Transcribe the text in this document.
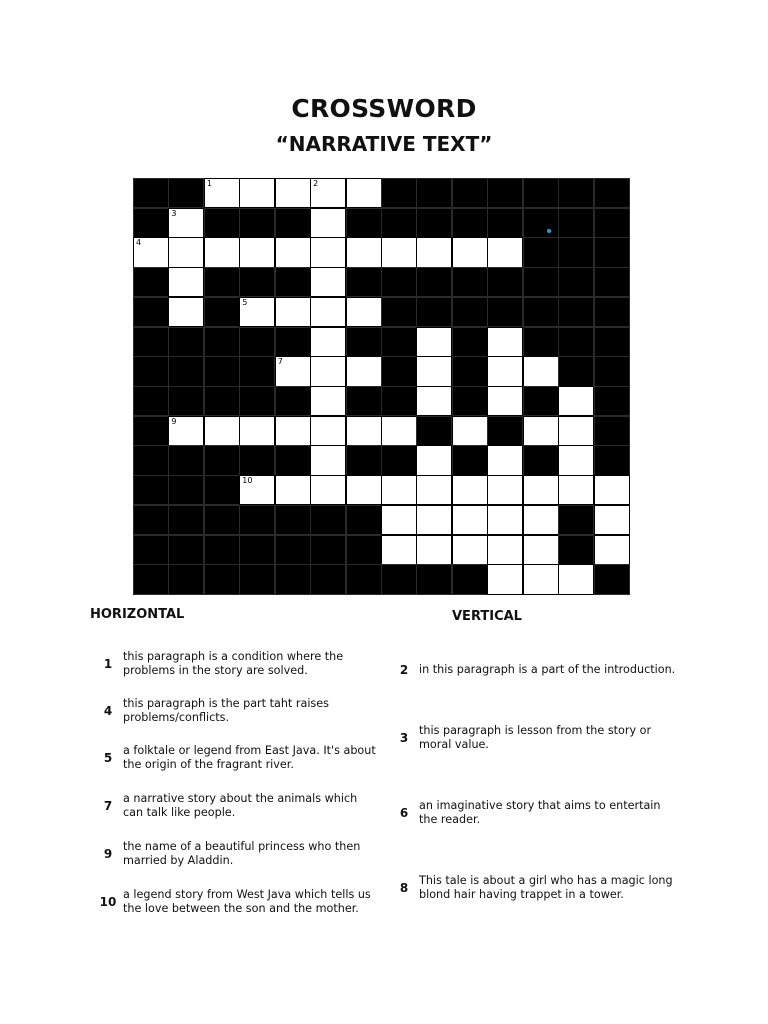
CROSSWORD
“NARRATIVE TEXT”
1	2
3
4
5	6
7	8
9
10
HORIZONTAL	VERTICAL
1
this paragraph is a condition where the problems in the story are solved.
4
this paragraph is the part taht raises problems/conflicts.
5
a folktale or legend from East Java. It's about the origin of the fragrant river.
7
a narrative story about the animals which can talk like people.
9
the name of a beautiful princess who then married by Aladdin.
10
a legend story from West Java which tells us the love between the son and the mother.
2 in this paragraph is a part of the introduction.
3
this paragraph is lesson from the story or moral value.
6
an imaginative story that aims to entertain the reader.
8
This tale is about a girl who has a magic long blond hair having trappet in a tower.
